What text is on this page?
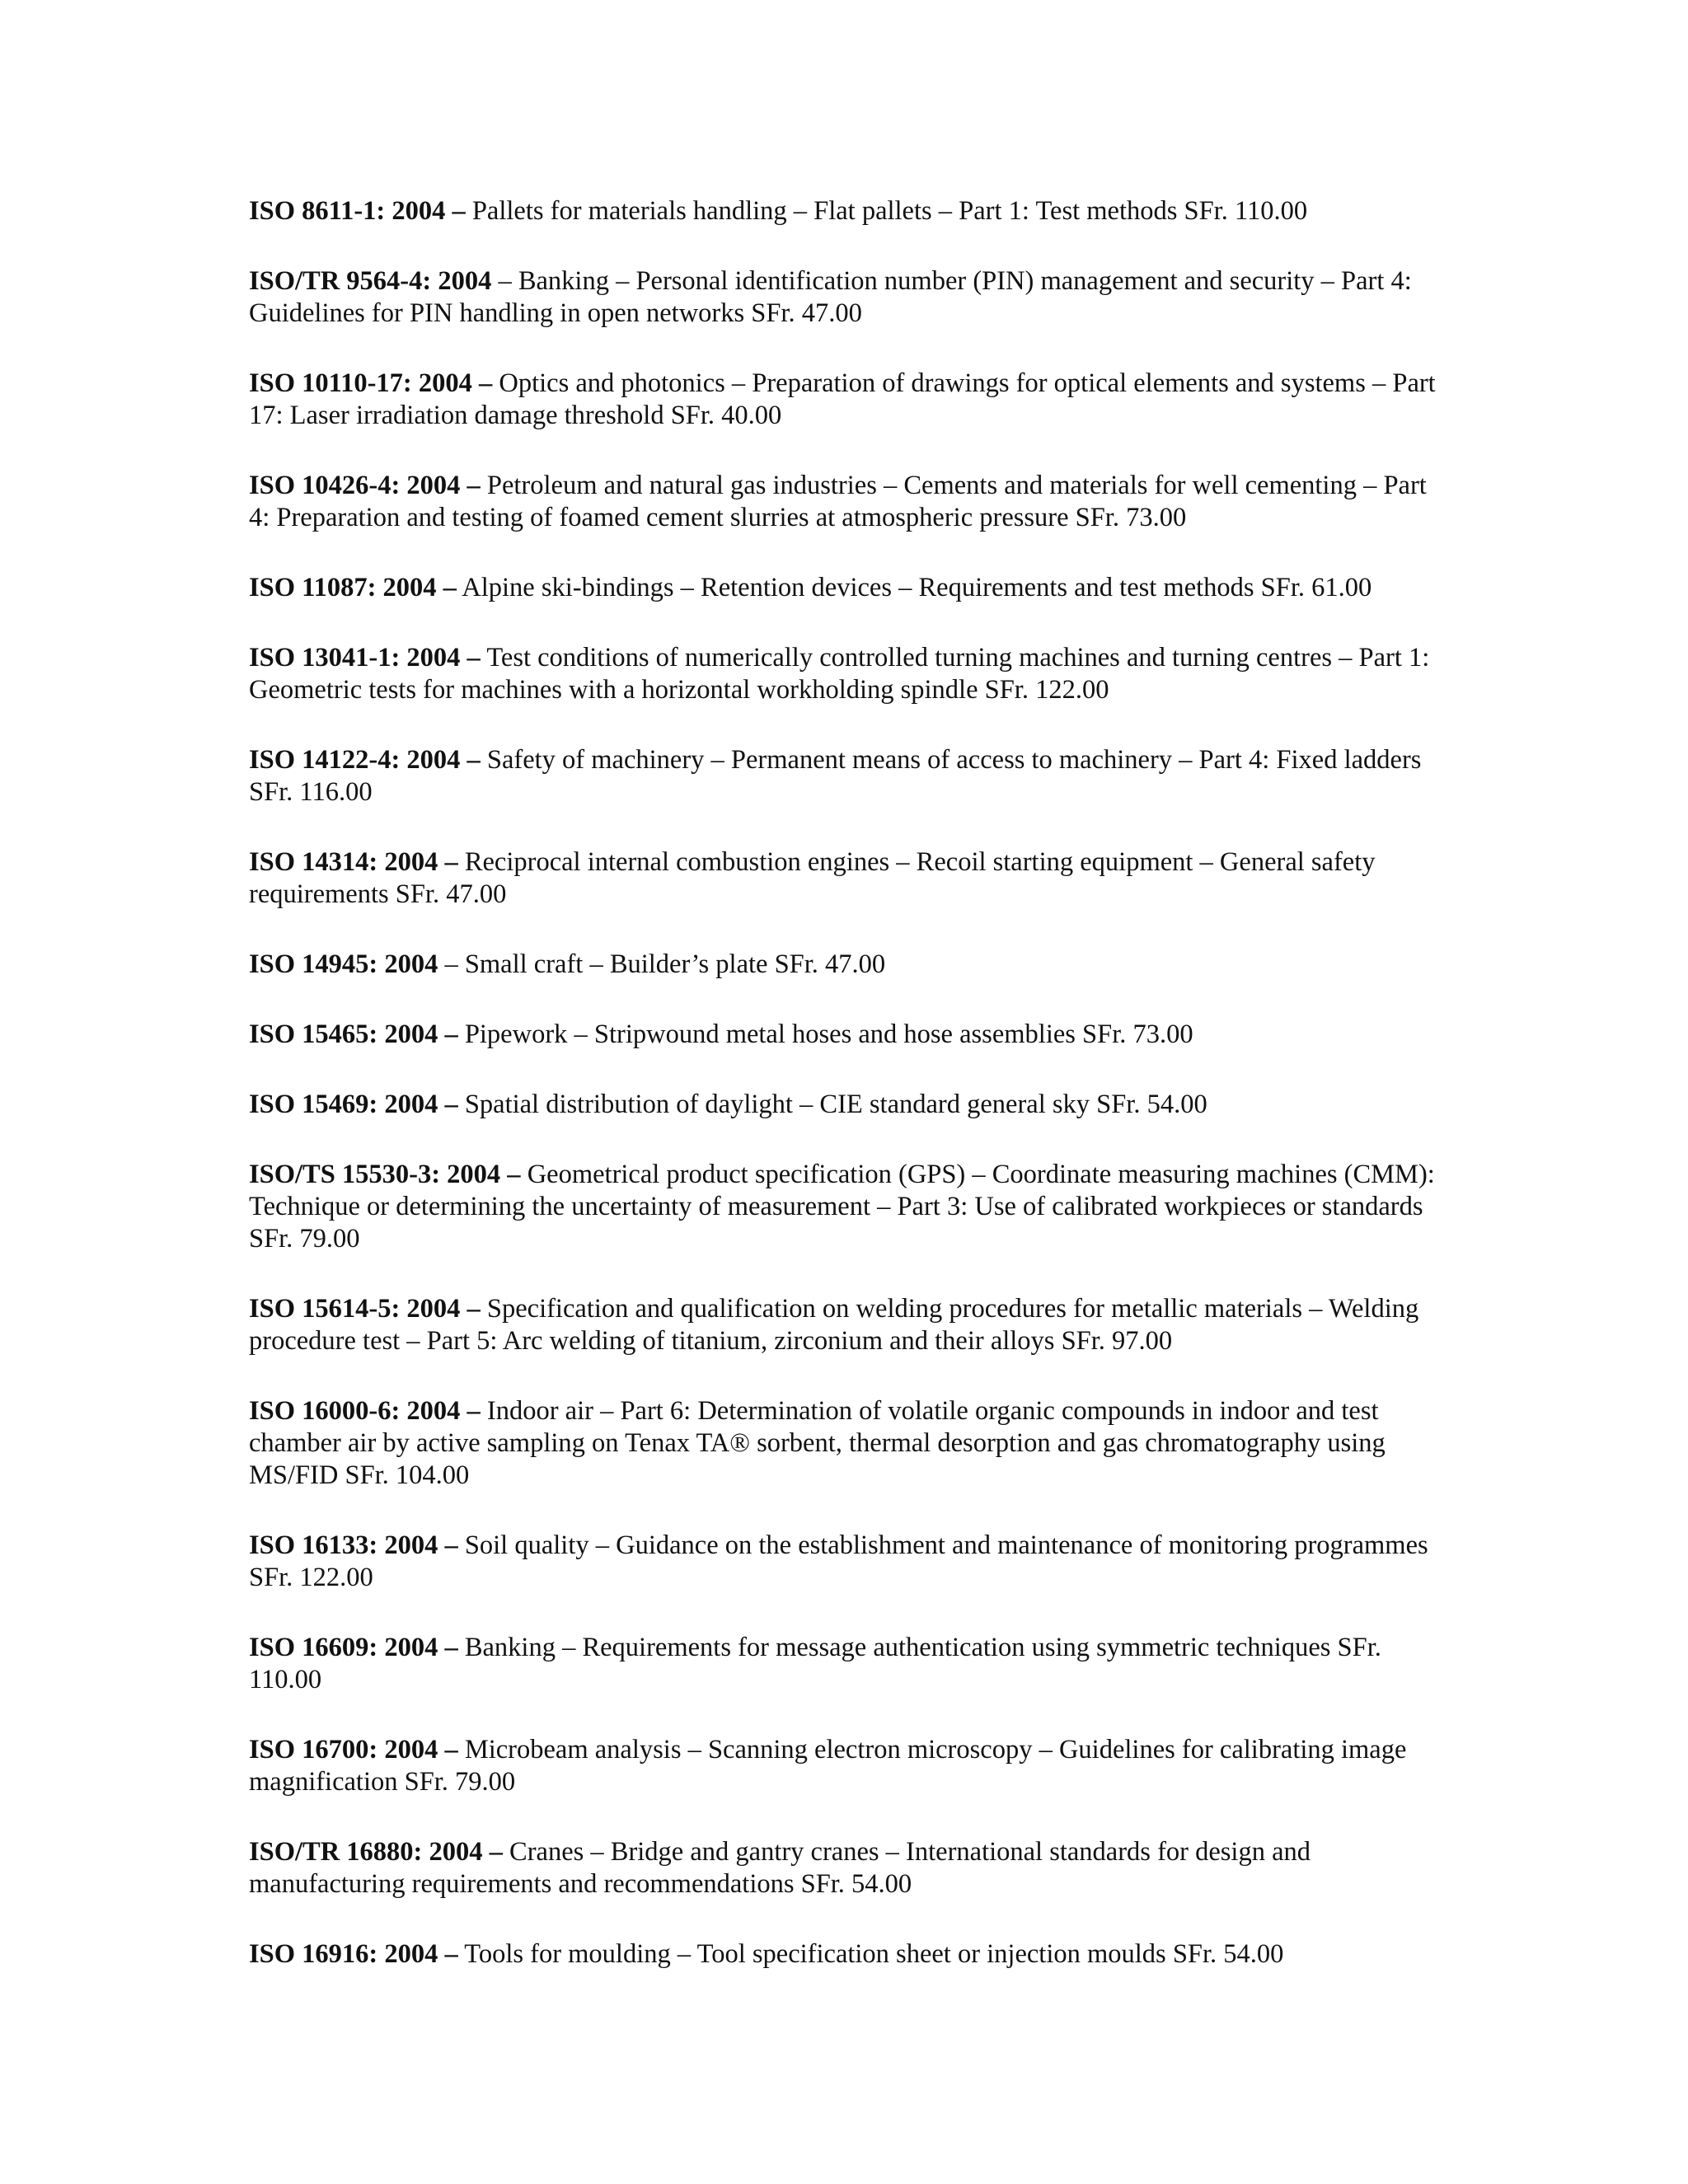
ISO 8611-1: 2004 – Pallets for materials handling – Flat pallets – Part 1: Test methods SFr. 110.00

ISO/TR 9564-4: 2004 – Banking – Personal identification number (PIN) management and security – Part 4: Guidelines for PIN handling in open networks SFr. 47.00

ISO 10110-17: 2004 – Optics and photonics – Preparation of drawings for optical elements and systems – Part 17: Laser irradiation damage threshold SFr. 40.00

ISO 10426-4: 2004 – Petroleum and natural gas industries – Cements and materials for well cementing – Part 4: Preparation and testing of foamed cement slurries at atmospheric pressure SFr. 73.00

ISO 11087: 2004 – Alpine ski-bindings – Retention devices – Requirements and test methods SFr. 61.00

ISO 13041-1: 2004 – Test conditions of numerically controlled turning machines and turning centres – Part 1: Geometric tests for machines with a horizontal workholding spindle SFr. 122.00

ISO 14122-4: 2004 – Safety of machinery – Permanent means of access to machinery – Part 4: Fixed ladders SFr. 116.00

ISO 14314: 2004 – Reciprocal internal combustion engines – Recoil starting equipment – General safety requirements SFr. 47.00

ISO 14945: 2004 – Small craft – Builder’s plate SFr. 47.00

ISO 15465: 2004 – Pipework – Stripwound metal hoses and hose assemblies SFr. 73.00

ISO 15469: 2004 – Spatial distribution of daylight – CIE standard general sky SFr. 54.00

ISO/TS 15530-3: 2004 – Geometrical product specification (GPS) – Coordinate measuring machines (CMM): Technique or determining the uncertainty of measurement – Part 3: Use of calibrated workpieces or standards SFr. 79.00

ISO 15614-5: 2004 – Specification and qualification on welding procedures for metallic materials – Welding procedure test – Part 5: Arc welding of titanium, zirconium and their alloys SFr. 97.00

ISO 16000-6: 2004 – Indoor air – Part 6: Determination of volatile organic compounds in indoor and test chamber air by active sampling on Tenax TA® sorbent, thermal desorption and gas chromatography using MS/FID SFr. 104.00

ISO 16133: 2004 – Soil quality – Guidance on the establishment and maintenance of monitoring programmes SFr. 122.00

ISO 16609: 2004 – Banking – Requirements for message authentication using symmetric techniques SFr. 110.00

ISO 16700: 2004 – Microbeam analysis – Scanning electron microscopy – Guidelines for calibrating image magnification SFr. 79.00

ISO/TR 16880: 2004 – Cranes – Bridge and gantry cranes – International standards for design and manufacturing requirements and recommendations SFr. 54.00

ISO 16916: 2004 – Tools for moulding – Tool specification sheet or injection moulds SFr. 54.00
